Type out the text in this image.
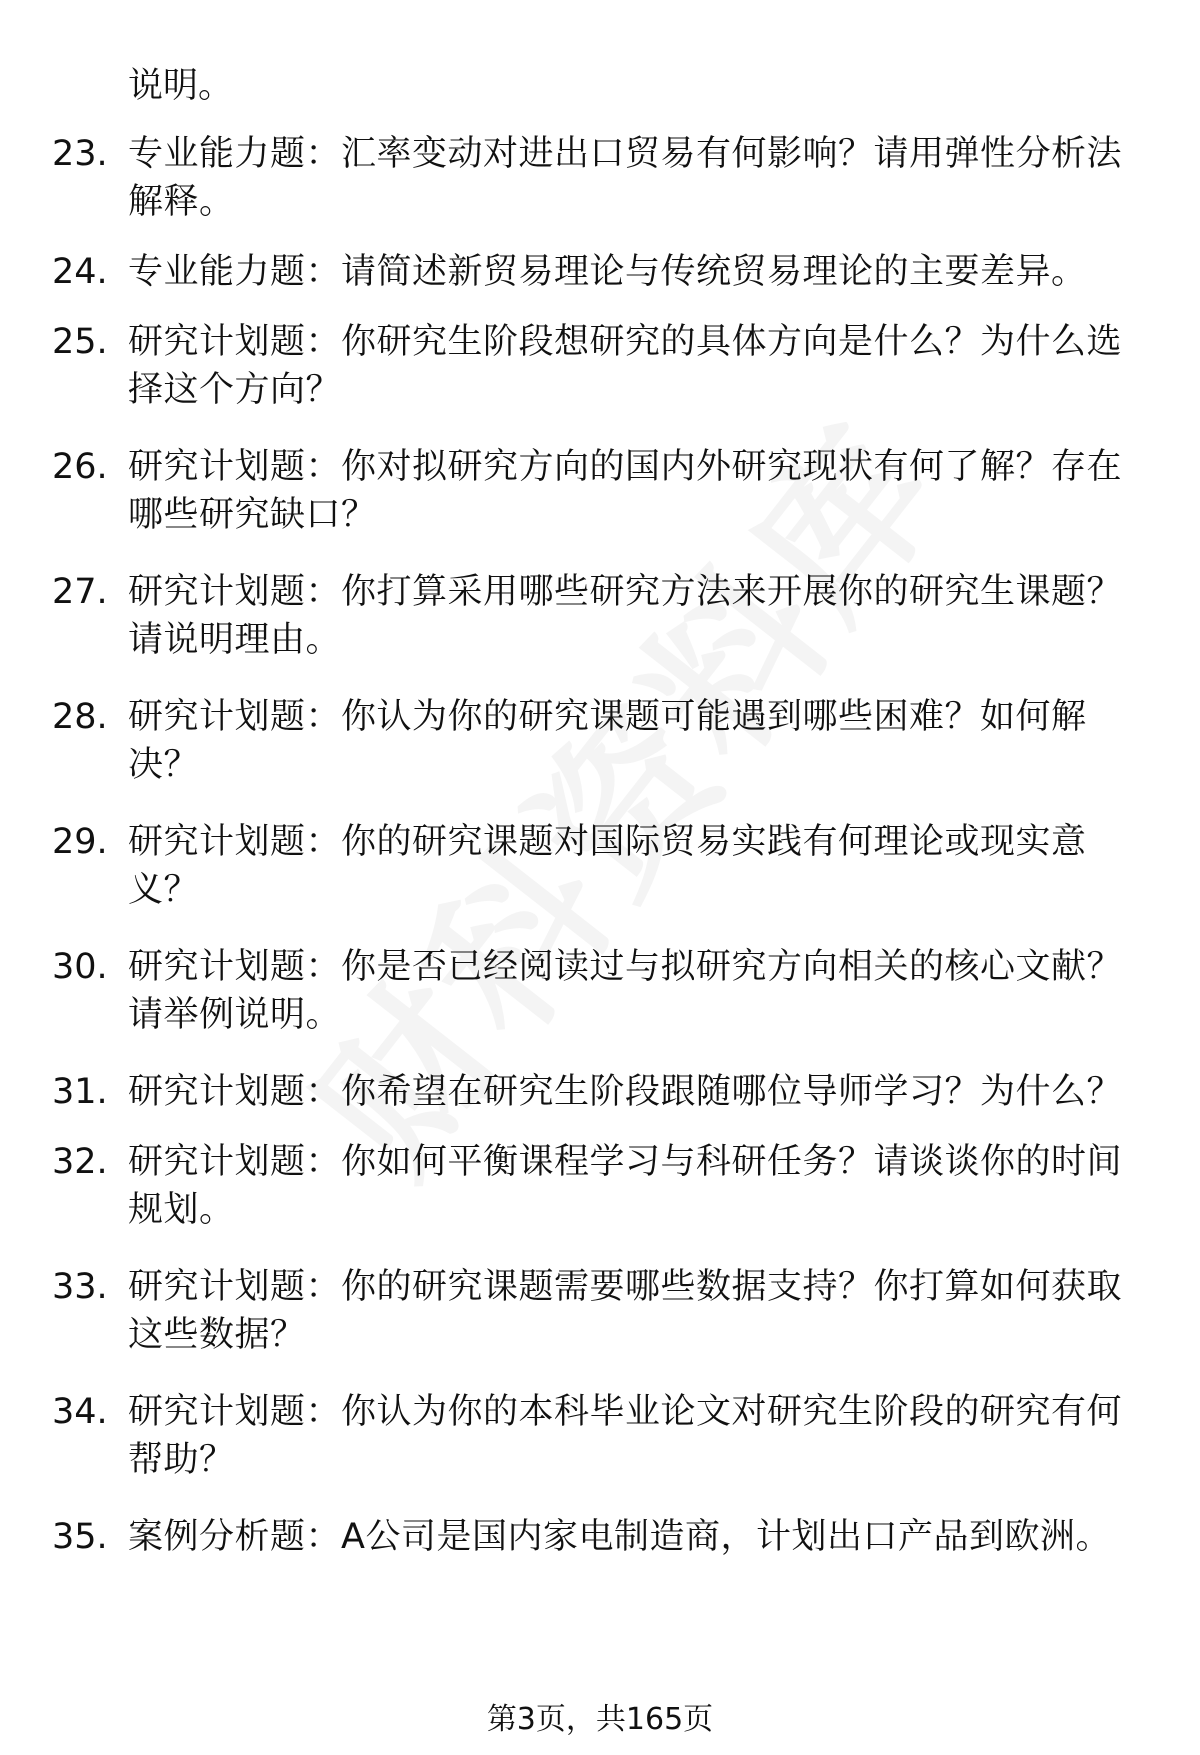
说明。
23. 专业能力题：汇率变动对进出口贸易有何影响？请用弹性分析法解释。
24. 专业能力题：请简述新贸易理论与传统贸易理论的主要差异。
25. 研究计划题：你研究生阶段想研究的具体方向是什么？为什么选择这个方向？
26. 研究计划题：你对拟研究方向的国内外研究现状有何了解？存在哪些研究缺口？
27. 研究计划题：你打算采用哪些研究方法来开展你的研究生课题？请说明理由。
28. 研究计划题：你认为你的研究课题可能遇到哪些困难？如何解决？
29. 研究计划题：你的研究课题对国际贸易实践有何理论或现实意义？
30. 研究计划题：你是否已经阅读过与拟研究方向相关的核心文献？请举例说明。
31. 研究计划题：你希望在研究生阶段跟随哪位导师学习？为什么？
32. 研究计划题：你如何平衡课程学习与科研任务？请谈谈你的时间规划。
33. 研究计划题：你的研究课题需要哪些数据支持？你打算如何获取这些数据？
34. 研究计划题：你认为你的本科毕业论文对研究生阶段的研究有何帮助？
35. 案例分析题：A公司是国内家电制造商，计划出口产品到欧洲。
第3页，共165页
